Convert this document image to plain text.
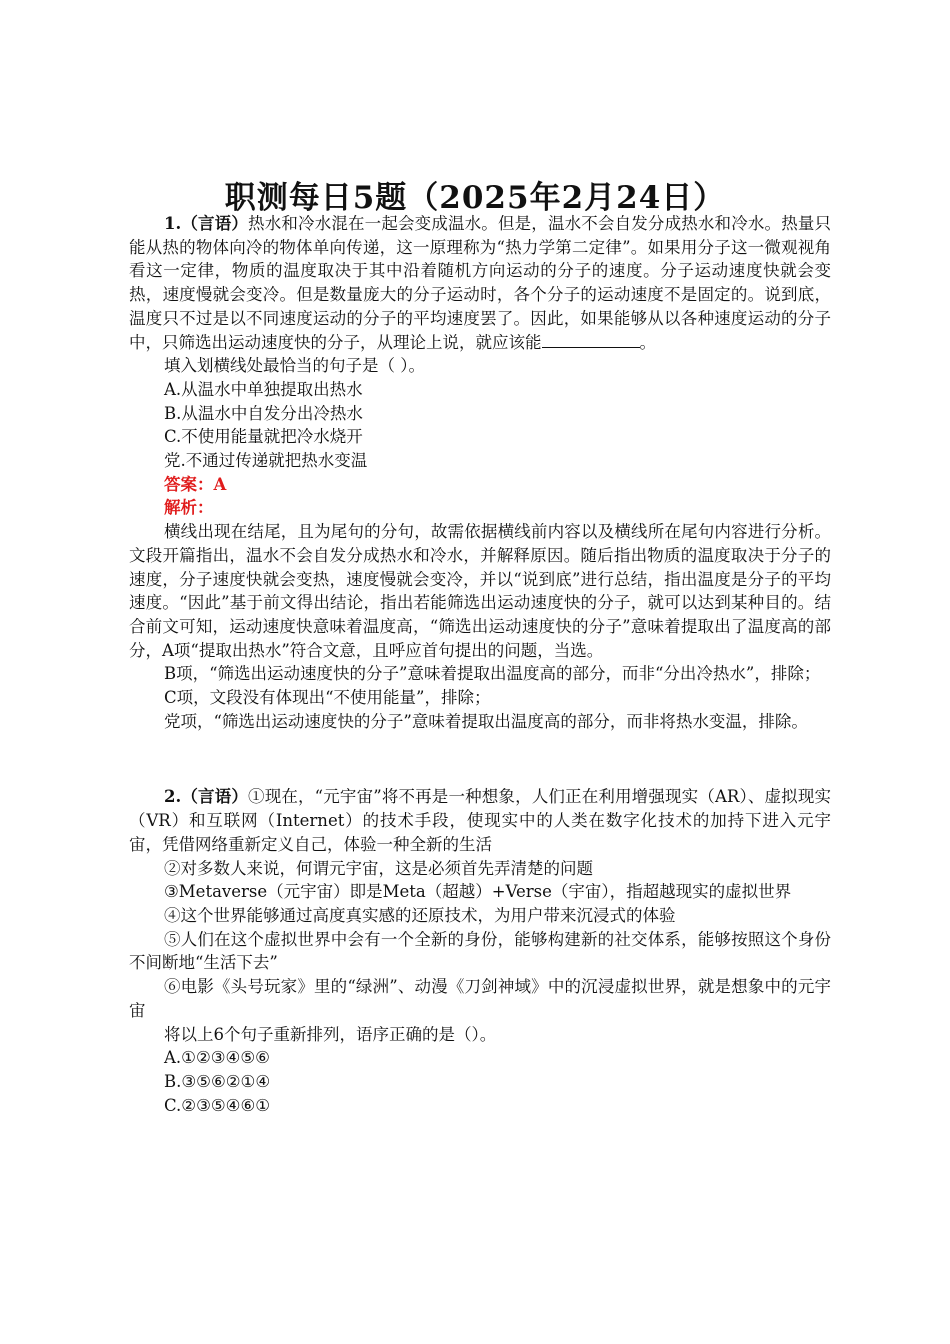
职测每日5题（2025年2月24日）

1.（言语）热水和冷水混在一起会变成温水。但是，温水不会自发分成热水和冷水。热量只能从热的物体向冷的物体单向传递，这一原理称为“热力学第二定律”。如果用分子这一微观视角看这一定律，物质的温度取决于其中沿着随机方向运动的分子的速度。分子运动速度快就会变热，速度慢就会变冷。但是数量庞大的分子运动时，各个分子的运动速度不是固定的。说到底，温度只不过是以不同速度运动的分子的平均速度罢了。因此，如果能够从以各种速度运动的分子中，只筛选出运动速度快的分子，从理论上说，就应该能	。

填入划横线处最恰当的句子是（ ）。

A.从温水中单独提取出热水

B.从温水中自发分出冷热水

C.不使用能量就把冷水烧开

党.不通过传递就把热水变温

答案：A

解析：

横线出现在结尾，且为尾句的分句，故需依据横线前内容以及横线所在尾句内容进行分析。文段开篇指出，温水不会自发分成热水和冷水，并解释原因。随后指出物质的温度取决于分子的速度，分子速度快就会变热，速度慢就会变冷，并以“说到底”进行总结，指出温度是分子的平均速度。“因此”基于前文得出结论，指出若能筛选出运动速度快的分子，就可以达到某种目的。结合前文可知，运动速度快意味着温度高，“筛选出运动速度快的分子”意味着提取出了温度高的部分，A项“提取出热水”符合文意，且呼应首句提出的问题，当选。

B项，“筛选出运动速度快的分子”意味着提取出温度高的部分，而非“分出冷热水”，排除；

C项，文段没有体现出“不使用能量”，排除；

党项，“筛选出运动速度快的分子”意味着提取出温度高的部分，而非将热水变温，排除。

2.（言语）①现在，“元宇宙”将不再是一种想象，人们正在利用增强现实（AR）、虚拟现实（VR）和互联网（Internet）的技术手段，使现实中的人类在数字化技术的加持下进入元宇宙，凭借网络重新定义自己，体验一种全新的生活

②对多数人来说，何谓元宇宙，这是必须首先弄清楚的问题

③Metaverse（元宇宙）即是Meta（超越）+Verse（宇宙），指超越现实的虚拟世界

④这个世界能够通过高度真实感的还原技术，为用户带来沉浸式的体验

⑤人们在这个虚拟世界中会有一个全新的身份，能够构建新的社交体系，能够按照这个身份不间断地“生活下去”

⑥电影《头号玩家》里的“绿洲”、动漫《刀剑神域》中的沉浸虚拟世界，就是想象中的元宇宙

将以上6个句子重新排列，语序正确的是（）。

A.①②③④⑤⑥

B.③⑤⑥②①④

C.②③⑤④⑥①
